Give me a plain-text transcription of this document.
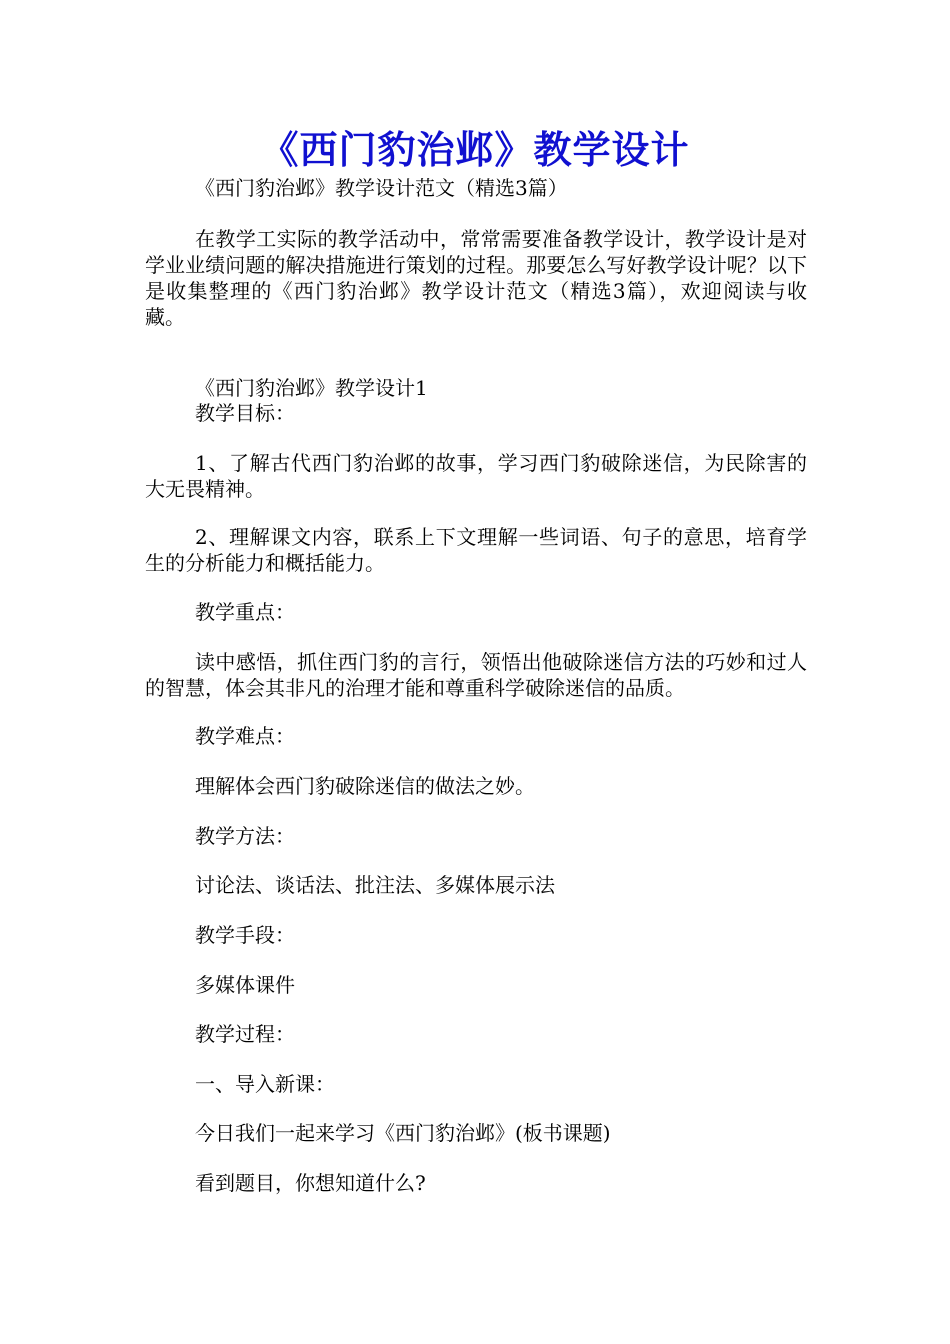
《西门豹治邺》教学设计
《西门豹治邺》教学设计范文（精选3篇）
在教学工实际的教学活动中，常常需要准备教学设计，教学设计是对学业业绩问题的解决措施进行策划的过程。那要怎么写好教学设计呢？以下是收集整理的《西门豹治邺》教学设计范文（精选3篇），欢迎阅读与收藏。
《西门豹治邺》教学设计1
教学目标：
1、了解古代西门豹治邺的故事，学习西门豹破除迷信，为民除害的大无畏精神。
2、理解课文内容，联系上下文理解一些词语、句子的意思，培育学生的分析能力和概括能力。
教学重点：
读中感悟，抓住西门豹的言行，领悟出他破除迷信方法的巧妙和过人的智慧，体会其非凡的治理才能和尊重科学破除迷信的品质。
教学难点：
理解体会西门豹破除迷信的做法之妙。
教学方法：
讨论法、谈话法、批注法、多媒体展示法
教学手段：
多媒体课件
教学过程：
一、导入新课：
今日我们一起来学习《西门豹治邺》(板书课题)
看到题目，你想知道什么?
